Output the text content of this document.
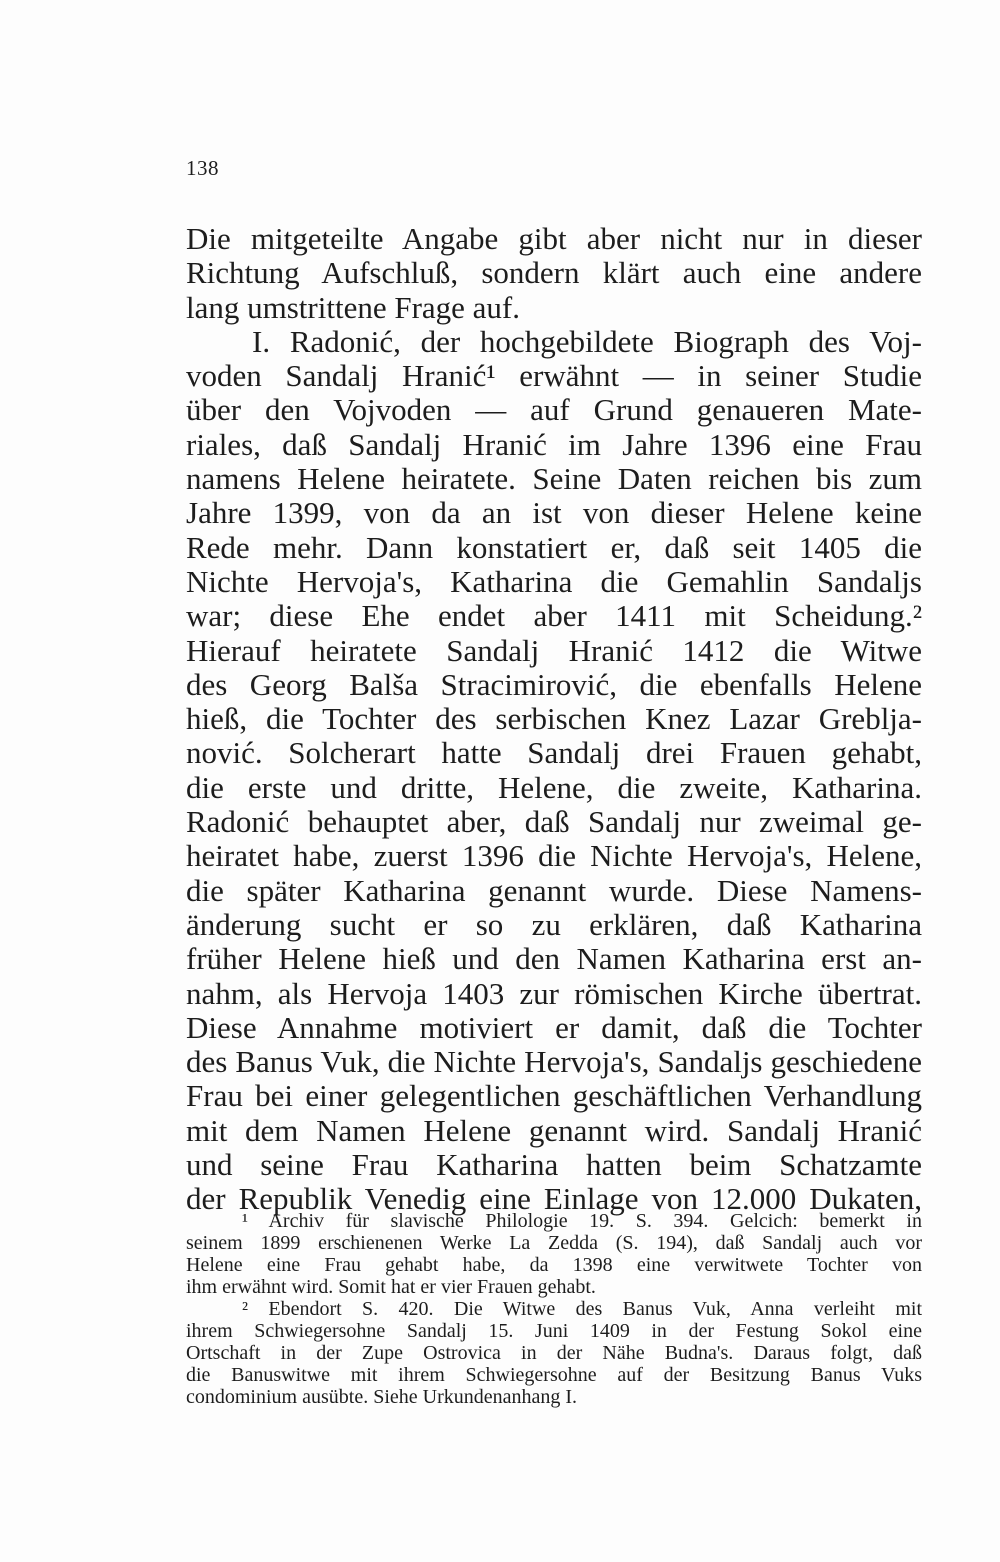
138
Die mitgeteilte Angabe gibt aber nicht nur in dieser
Richtung Aufschluß, sondern klärt auch eine andere
lang umstrittene Frage auf.
I. Radonić, der hochgebildete Biograph des Voj-
voden Sandalj Hranić¹ erwähnt — in seiner Studie
über den Vojvoden — auf Grund genaueren Mate-
riales, daß Sandalj Hranić im Jahre 1396 eine Frau
namens Helene heiratete. Seine Daten reichen bis zum
Jahre 1399, von da an ist von dieser Helene keine
Rede mehr. Dann konstatiert er, daß seit 1405 die
Nichte Hervoja's, Katharina die Gemahlin Sandaljs
war; diese Ehe endet aber 1411 mit Scheidung.²
Hierauf heiratete Sandalj Hranić 1412 die Witwe
des Georg Balša Stracimirović, die ebenfalls Helene
hieß, die Tochter des serbischen Knez Lazar Greblja-
nović. Solcherart hatte Sandalj drei Frauen gehabt,
die erste und dritte, Helene, die zweite, Katharina.
Radonić behauptet aber, daß Sandalj nur zweimal ge-
heiratet habe, zuerst 1396 die Nichte Hervoja's, Helene,
die später Katharina genannt wurde. Diese Namens-
änderung sucht er so zu erklären, daß Katharina
früher Helene hieß und den Namen Katharina erst an-
nahm, als Hervoja 1403 zur römischen Kirche übertrat.
Diese Annahme motiviert er damit, daß die Tochter
des Banus Vuk, die Nichte Hervoja's, Sandaljs geschiedene
Frau bei einer gelegentlichen geschäftlichen Verhandlung
mit dem Namen Helene genannt wird. Sandalj Hranić
und seine Frau Katharina hatten beim Schatzamte
der Republik Venedig eine Einlage von 12.000 Dukaten,
¹ Archiv für slavische Philologie 19. S. 394. Gelcich: bemerkt in
seinem 1899 erschienenen Werke La Zedda (S. 194), daß Sandalj auch vor
Helene eine Frau gehabt habe, da 1398 eine verwitwete Tochter von
ihm erwähnt wird. Somit hat er vier Frauen gehabt.
² Ebendort S. 420. Die Witwe des Banus Vuk, Anna verleiht mit
ihrem Schwiegersohne Sandalj 15. Juni 1409 in der Festung Sokol eine
Ortschaft in der Zupe Ostrovica in der Nähe Budna's. Daraus folgt, daß
die Banuswitwe mit ihrem Schwiegersohne auf der Besitzung Banus Vuks
condominium ausübte. Siehe Urkundenanhang I.
